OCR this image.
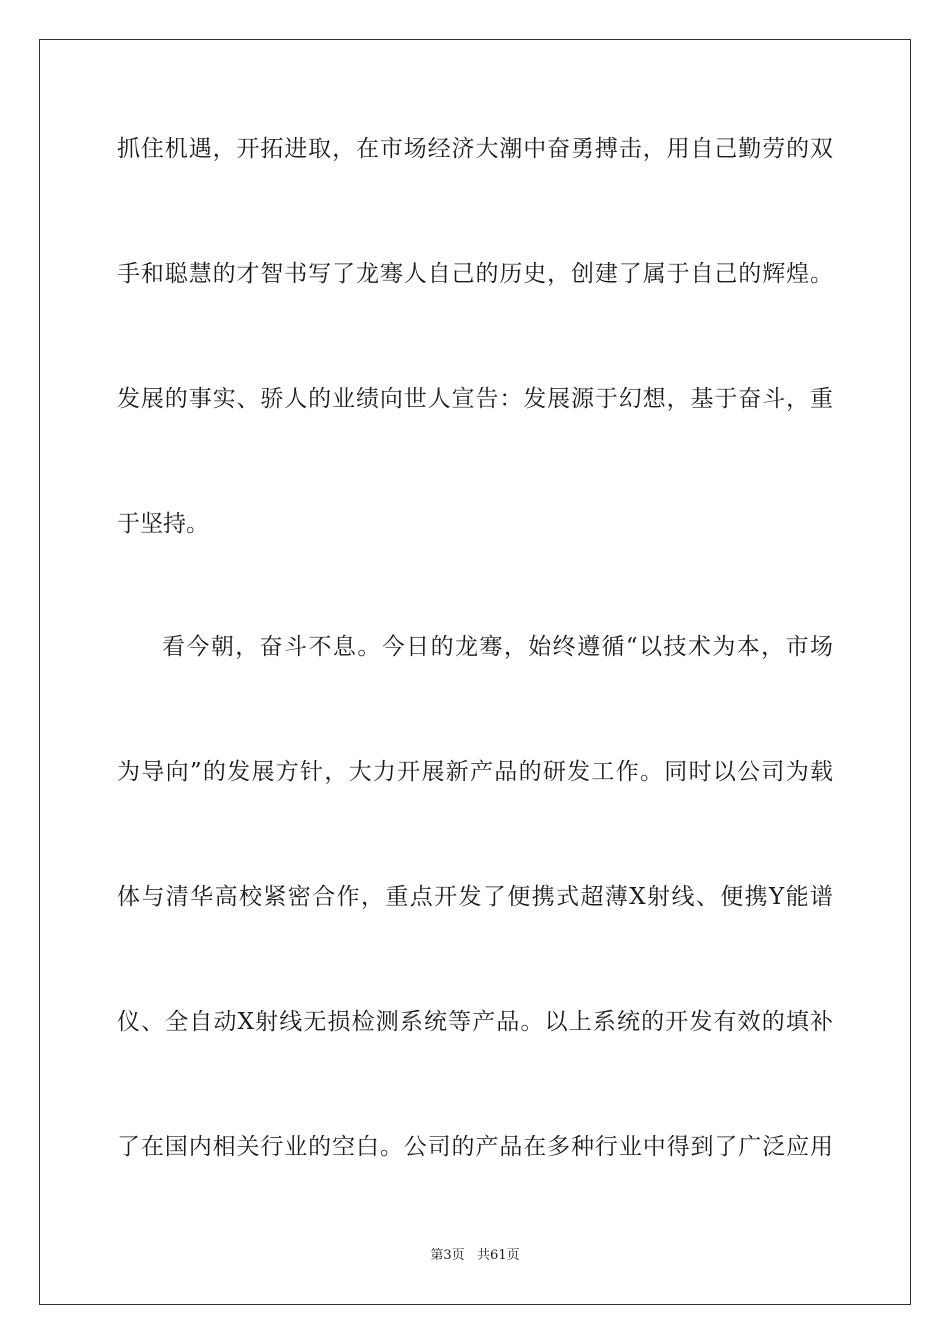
抓住机遇，开拓进取，在市场经济大潮中奋勇搏击，用自己勤劳的双
手和聪慧的才智书写了龙骞人自己的历史，创建了属于自己的辉煌。
发展的事实、骄人的业绩向世人宣告：发展源于幻想，基于奋斗，重
于坚持。
看今朝，奋斗不息。今日的龙骞，始终遵循“以技术为本，市场
为导向”的发展方针，大力开展新产品的研发工作。同时以公司为载
体与清华高校紧密合作，重点开发了便携式超薄X射线、便携Y能谱
仪、全自动X射线无损检测系统等产品。以上系统的开发有效的填补
了在国内相关行业的空白。公司的产品在多种行业中得到了广泛应用
第3页   共61页
